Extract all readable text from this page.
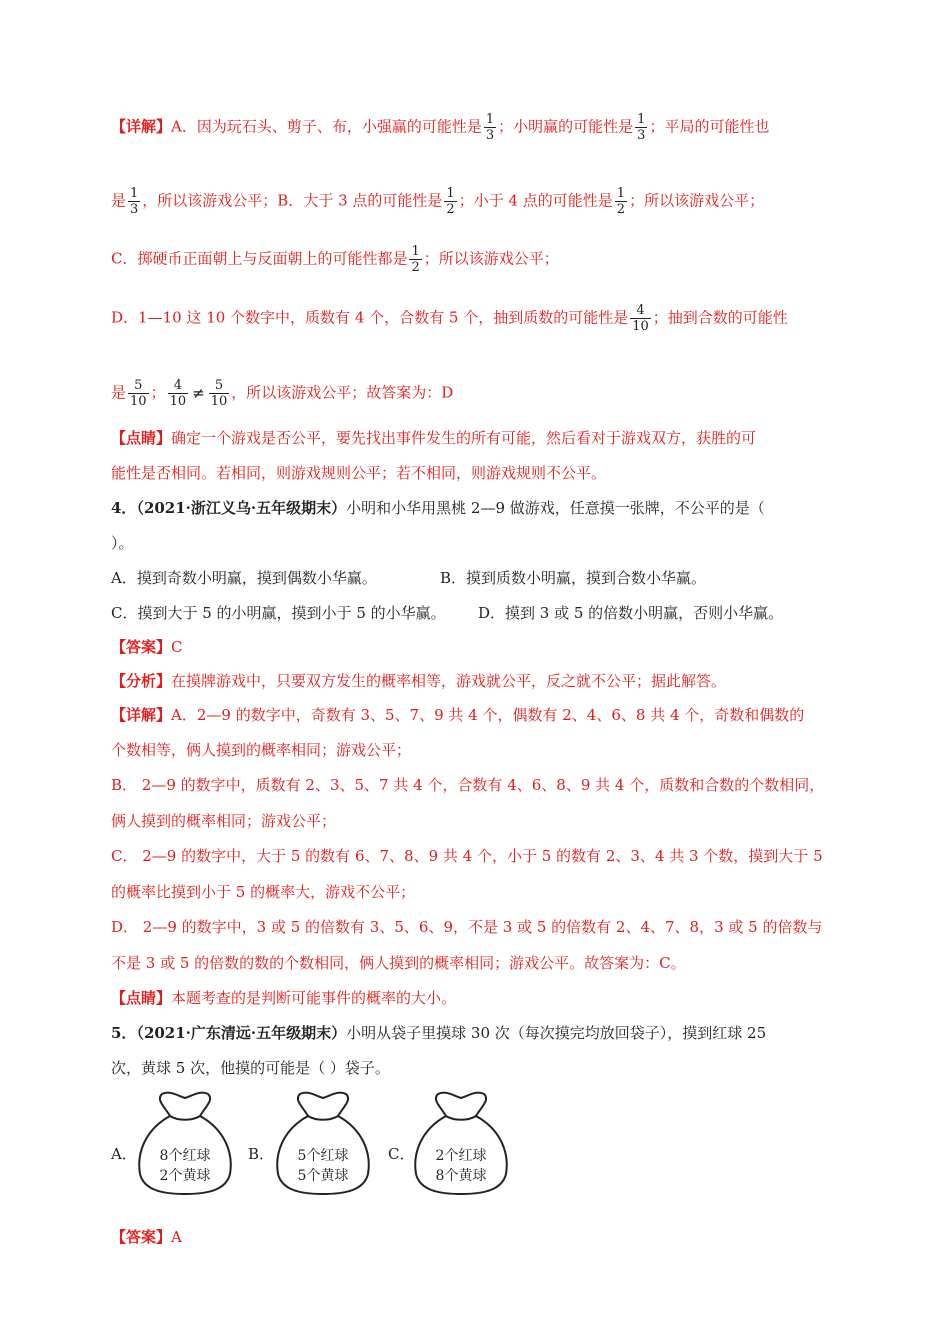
【详解】A．因为玩石头、剪子、布，小强赢的可能性是 $\frac{1}{3}$ ；小明赢的可能性是 $\frac{1}{3}$ ；平局的可能性也
是 $\frac{1}{3}$ ，所以该游戏公平；B．大于 3 点的可能性是 $\frac{1}{2}$ ；小于 4 点的可能性是 $\frac{1}{2}$ ；所以该游戏公平；
C．掷硬币正面朝上与反面朝上的可能性都是 $\frac{1}{2}$ ；所以该游戏公平；
D．1—10 这 10 个数字中，质数有 4 个，合数有 5 个，抽到质数的可能性是 $\frac{4}{10}$ ；抽到合数的可能性
是 $\frac{5}{10}$ ； $\frac{4}{10} \ne \frac{5}{10}$ ，所以该游戏公平；故答案为：D
【点睛】确定一个游戏是否公平，要先找出事件发生的所有可能，然后看对于游戏双方，获胜的可
能性是否相同。若相同，则游戏规则公平；若不相同，则游戏规则不公平。
4．（2021·浙江义乌·五年级期末）小明和小华用黑桃 2—9 做游戏，任意摸一张牌，不公平的是（
）。
A．摸到奇数小明赢，摸到偶数小华赢。	B．摸到质数小明赢，摸到合数小华赢。
C．摸到大于 5 的小明赢，摸到小于 5 的小华赢。 D．摸到 3 或 5 的倍数小明赢，否则小华赢。
【答案】C
【分析】在摸牌游戏中，只要双方发生的概率相等，游戏就公平，反之就不公平；据此解答。
【详解】A．2—9 的数字中，奇数有 3、5、7、9 共 4 个，偶数有 2、4、6、8 共 4 个，奇数和偶数的
个数相等，俩人摸到的概率相同；游戏公平；
B． 2—9 的数字中，质数有 2、3、5、7 共 4 个，合数有 4、6、8、9 共 4 个，质数和合数的个数相同，
俩人摸到的概率相同；游戏公平；
C． 2—9 的数字中，大于 5 的数有 6、7、8、9 共 4 个，小于 5 的数有 2、3、4 共 3 个数，摸到大于 5
的概率比摸到小于 5 的概率大，游戏不公平；
D． 2—9 的数字中，3 或 5 的倍数有 3、5、6、9，不是 3 或 5 的倍数有 2、4、7、8，3 或 5 的倍数与
不是 3 或 5 的倍数的数的个数相同，俩人摸到的概率相同；游戏公平。故答案为：C。
【点睛】本题考查的是判断可能事件的概率的大小。
5．（2021·广东清远·五年级期末）小明从袋子里摸球 30 次（每次摸完均放回袋子），摸到红球 25
次，黄球 5 次，他摸的可能是（ ）袋子。
A． 8个红球
2个黄球
B． 5个红球
5个黄球
C． 2个红球
8个黄球
【答案】A
